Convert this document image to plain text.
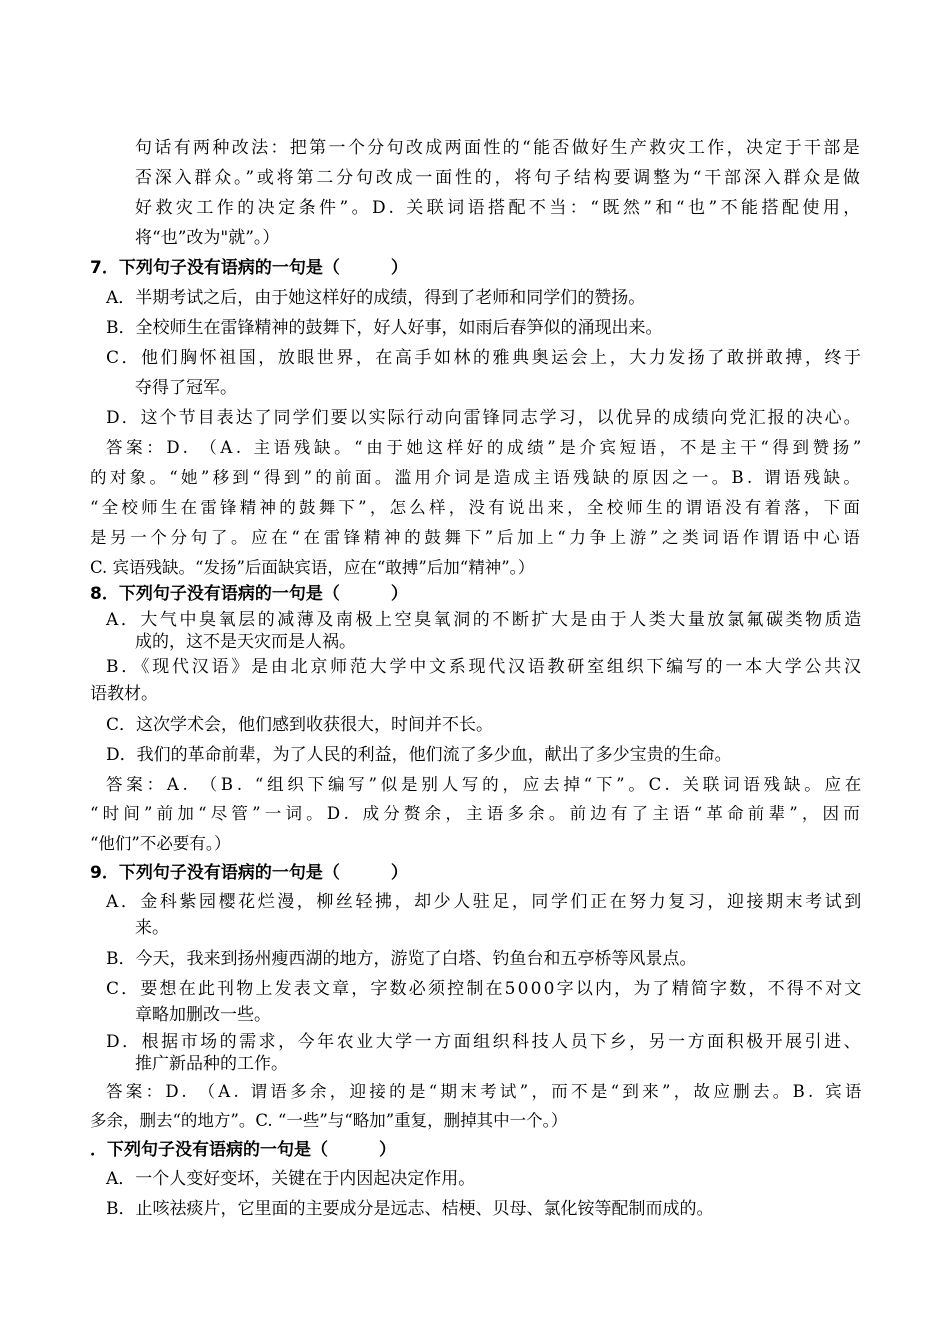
句话有两种改法：把第一个分句改成两面性的“能否做好生产救灾工作，决定于干部是
否深入群众。”或将第二分句改成一面性的，将句子结构要调整为“干部深入群众是做
好救灾工作的决定条件”。D. 关联词语搭配不当：“既然”和“也”不能搭配使用，
将“也”改为"就”。）
7．下列句子没有语病的一句是（　　　）
A．半期考试之后，由于她这样好的成绩，得到了老师和同学们的赞扬。
B．全校师生在雷锋精神的鼓舞下，好人好事，如雨后春笋似的涌现出来。
C．他们胸怀祖国，放眼世界，在高手如林的雅典奥运会上，大力发扬了敢拼敢搏，终于
夺得了冠军。
D．这个节目表达了同学们要以实际行动向雷锋同志学习，以优异的成绩向党汇报的决心。
答案：D. （A. 主语残缺。“由于她这样好的成绩”是介宾短语，不是主干“得到赞扬”
的对象。“她”移到“得到”的前面。滥用介词是造成主语残缺的原因之一。B. 谓语残缺。
“全校师生在雷锋精神的鼓舞下”，怎么样，没有说出来，全校师生的谓语没有着落，下面
是另一个分句了。应在“在雷锋精神的鼓舞下”后加上“力争上游”之类词语作谓语中心语
C. 宾语残缺。“发扬”后面缺宾语，应在“敢搏”后加“精神”。）
8．下列句子没有语病的一句是（　　　）
A．大气中臭氧层的减薄及南极上空臭氧洞的不断扩大是由于人类大量放氯氟碳类物质造
成的，这不是天灾而是人祸。
B．《现代汉语》是由北京师范大学中文系现代汉语教研室组织下编写的一本大学公共汉
语教材。
C．这次学术会，他们感到收获很大，时间并不长。
D．我们的革命前辈，为了人民的利益，他们流了多少血，献出了多少宝贵的生命。
答案：A. （B. “组织下编写”似是别人写的，应去掉“下”。C. 关联词语残缺。应在
“时间”前加“尽管”一词。D. 成分赘余，主语多余。前边有了主语“革命前辈”，因而
“他们”不必要有。）
9．下列句子没有语病的一句是（　　　）
A．金科紫园樱花烂漫，柳丝轻拂，却少人驻足，同学们正在努力复习，迎接期末考试到
来。
B．今天，我来到扬州瘦西湖的地方，游览了白塔、钓鱼台和五亭桥等风景点。
C．要想在此刊物上发表文章，字数必须控制在5000字以内，为了精简字数，不得不对文
章略加删改一些。
D．根据市场的需求，今年农业大学一方面组织科技人员下乡，另一方面积极开展引进、
推广新品种的工作。
答案：D. （A. 谓语多余，迎接的是“期末考试”，而不是“到来”，故应删去。B. 宾语
多余，删去“的地方”。C. “一些”与“略加”重复，删掉其中一个。）
．下列句子没有语病的一句是（　　　）
A．一个人变好变坏，关键在于内因起决定作用。
B．止咳祛痰片，它里面的主要成分是远志、桔梗、贝母、氯化铵等配制而成的。
